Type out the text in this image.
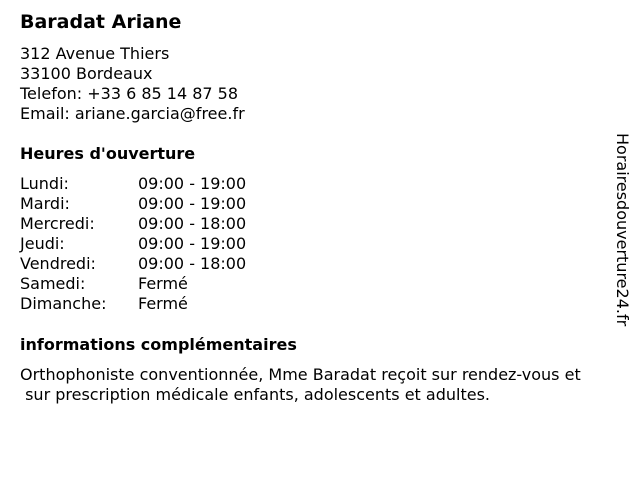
Baradat Ariane
312 Avenue Thiers
33100 Bordeaux
Telefon: +33 6 85 14 87 58
Email: ariane.garcia@free.fr
Heures d'ouverture
Lundi:	09:00 - 19:00
Mardi:	09:00 - 19:00
Mercredi:	09:00 - 18:00
Jeudi:	09:00 - 19:00
Vendredi:	09:00 - 18:00
Samedi:	Fermé
Dimanche:	Fermé
informations complémentaires
Orthophoniste conventionnée, Mme Baradat reçoit sur rendez-vous et
sur prescription médicale enfants, adolescents et adultes.
Horairesdouverture24.fr
